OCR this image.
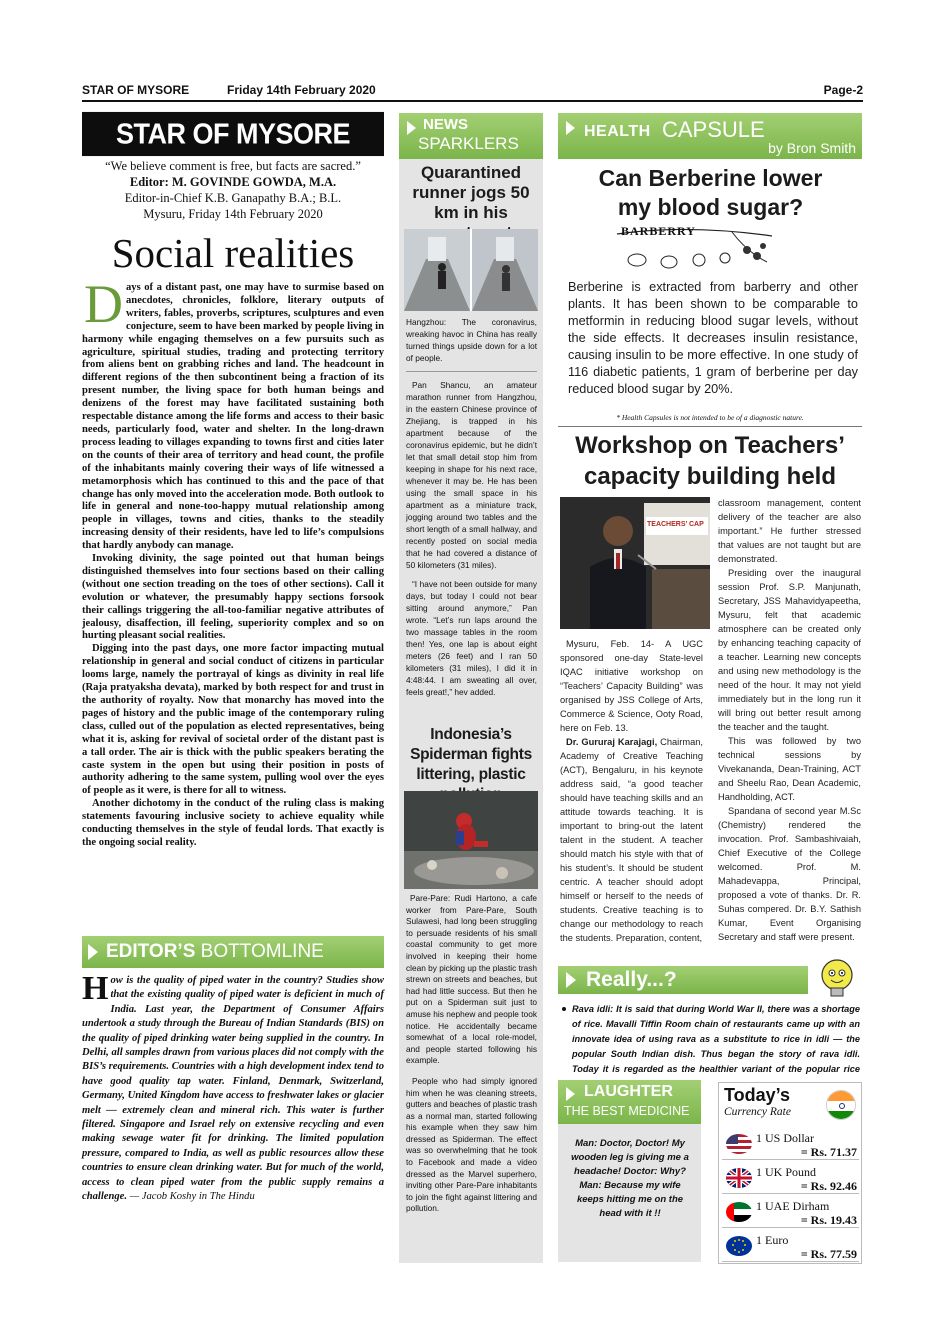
STAR OF MYSORE	Friday 14th February 2020	Page-2
STAR OF MYSORE
“We believe comment is free, but facts are sacred.”
Editor: M. GOVINDE GOWDA, M.A.
Editor-in-Chief K.B. Ganapathy B.A.; B.L.
Mysuru, Friday 14th February 2020
Social realities
D ays of a distant past, one may have to surmise based on anecdotes, chronicles, folklore, literary outputs of writers, fables, proverbs, scriptures, sculptures and even conjecture, seem to have been marked by people living in harmony while engaging themselves on a few pursuits such as agriculture, spiritual studies, trading and protecting territory from aliens bent on grabbing riches and land. The headcount in different regions of the then subcontinent being a fraction of its present number, the living space for both human beings and denizens of the forest may have facilitated sustaining both respectable distance among the life forms and access to their basic needs, particularly food, water and shelter. In the long-drawn process leading to villages expanding to towns first and cities later on the counts of their area of territory and head count, the profile of the inhabitants mainly covering their ways of life witnessed a metamorphosis which has continued to this and the pace of that change has only moved into the acceleration mode. Both outlook to life in general and none-too-happy mutual relationship among people in villages, towns and cities, thanks to the steadily increasing density of their residents, have led to life’s compulsions that hardly anybody can manage.

Invoking divinity, the sage pointed out that human beings distinguished themselves into four sections based on their calling (without one section treading on the toes of other sections). Call it evolution or whatever, the presumably happy sections forsook their callings triggering the all-too-familiar negative attributes of jealousy, disaffection, ill feeling, superiority complex and so on hurting pleasant social realities.

Digging into the past days, one more factor impacting mutual relationship in general and social conduct of citizens in particular looms large, namely the portrayal of kings as divinity in real life (Raja pratyaksha devata), marked by both respect for and trust in the authority of royalty. Now that monarchy has moved into the pages of history and the public image of the contemporary ruling class, culled out of the population as elected representatives, being what it is, asking for revival of societal order of the distant past is a tall order. The air is thick with the public speakers berating the caste system in the open but using their position in posts of authority adhering to the same system, pulling wool over the eyes of people as it were, is there for all to witness.

Another dichotomy in the conduct of the ruling class is making statements favouring inclusive society to achieve equality while conducting themselves in the style of feudal lords. That exactly is the ongoing social reality.

EDITOR’S BOTTOMLINE
H ow is the quality of piped water in the country? Studies show that the existing quality of piped water is deficient in much of India. Last year, the Department of Consumer Affairs undertook a study through the Bureau of Indian Standards (BIS) on the quality of piped drinking water being supplied in the country. In Delhi, all samples drawn from various places did not comply with the BIS’s requirements. Countries with a high development index tend to have good quality tap water. Finland, Denmark, Switzerland, Germany, United Kingdom have access to freshwater lakes or glacier melt — extremely clean and mineral rich. This water is further filtered. Singapore and Israel rely on extensive recycling and even making sewage water fit for drinking. The limited population pressure, compared to India, as well as public resources allow these countries to ensure clean drinking water. But for much of the world, access to clean piped water from the public supply remains a challenge. — Jacob Koshy in The Hindu
NEWS
SPARKLERS
Quarantined runner jogs 50 km in his

Hangzhou: The coronavirus, wreaking havoc in China has really turned things upside down for a lot of people.

Pan Shancu, an amateur marathon runner from Hangzhou, in the eastern Chinese province of Zhejiang, is trapped in his apartment because of the coronavirus epidemic, but he didn’t let that small detail stop him from keeping in shape for his next race, whenever it may be. He has been using the small space in his apartment as a miniature track, jogging around two tables and the short length of a small hallway, and recently posted on social media that he had covered a distance of 50 kilometers (31 miles).

“I have not been outside for many days, but today I could not bear sitting around anymore,” Pan wrote. “Let’s run laps around the two massage tables in the room then! Yes, one lap is about eight meters (26 feet) and I ran 50 kilometers (31 miles), I did it in 4:48:44. I am sweating all over, feels great!,” hev added.

Indonesia’s Spiderman fights littering, plastic

Pare-Pare: Rudi Hartono, a cafe worker from Pare-Pare, South Sulawesi, had long been struggling to persuade residents of his small coastal community to get more involved in keeping their home clean by picking up the plastic trash strewn on streets and beaches, but had had little success. But then he put on a Spiderman suit just to amuse his nephew and people took notice. He accidentally became somewhat of a local role-model, and people started following his example.

People who had simply ignored him when he was cleaning streets, gutters and beaches of plastic trash as a normal man, started following his example when they saw him dressed as Spiderman. The effect was so overwhelming that he took to Facebook and made a video dressed as the Marvel superhero, inviting other Pare-Pare inhabitants to join the fight against littering and pollution.

HEALTH CAPSULE
by Bron Smith
Can Berberine lower my blood sugar?
BARBERRY
Berberine is extracted from barberry and other plants. It has been shown to be comparable to metformin in reducing blood sugar levels, without the side effects. It decreases insulin resistance, causing insulin to be more effective. In one study of 116 diabetic patients, 1 gram of berberine per day reduced blood sugar by 20%.
* Health Capsules is not intended to be of a diagnostic nature.
Workshop on Teachers’ capacity building held
TEACHERS’ CAP

Mysuru, Feb. 14- A UGC sponsored one-day State-level IQAC initiative workshop on “Teachers’ Capacity Building” was organised by JSS College of Arts, Commerce & Science, Ooty Road, here on Feb. 13.

Dr. Gururaj Karajagi, Chairman, Academy of Creative Teaching (ACT), Bengaluru, in his keynote address said, “a good teacher should have teaching skills and an attitude towards teaching. It is important to bring-out the latent talent in the student. A teacher should match his style with that of his student’s. It should be student centric. A teacher should adopt himself or herself to the needs of students. Creative teaching is to change our methodology to reach the students. Preparation, content,

classroom management, content delivery of the teacher are also important.” He further stressed that values are not taught but are demonstrated.

Presiding over the inaugural session Prof. S.P. Manjunath, Secretary, JSS Mahavidyapeetha, Mysuru, felt that academic atmosphere can be created only by enhancing teaching capacity of a teacher. Learning new concepts and using new methodology is the need of the hour. It may not yield immediately but in the long run it will bring out better result among the teacher and the taught.

This was followed by two technical sessions by Vivekananda, Dean-Training, ACT and Sheelu Rao, Dean Academic, Handholding, ACT.

Spandana of second year M.Sc (Chemistry) rendered the invocation. Prof. Sambashivaiah, Chief Executive of the College welcomed. Prof. M. Mahadevappa, Principal, proposed a vote of thanks. Dr. R. Suhas compered. Dr. B.Y. Sathish Kumar, Event Organising Secretary and staff were present.

Really...?
Rava idli: It is said that during World War II, there was a shortage of rice. Mavalli Tiffin Room chain of restaurants came up with an innovate idea of using rava as a substitute to rice in idli — the popular South Indian dish. Thus began the story of rava idli. Today it is regarded as the healthier variant of the popular rice
LAUGHTER
THE BEST MEDICINE
Man: Doctor, Doctor! My wooden leg is giving me a headache! Doctor: Why? Man: Because my wife keeps hitting me on the head with it !!
Today’s
Currency Rate
1 US Dollar
= Rs. 71.37
1 UK Pound
= Rs. 92.46
1 UAE Dirham
= Rs. 19.43
1 Euro
= Rs. 77.59
